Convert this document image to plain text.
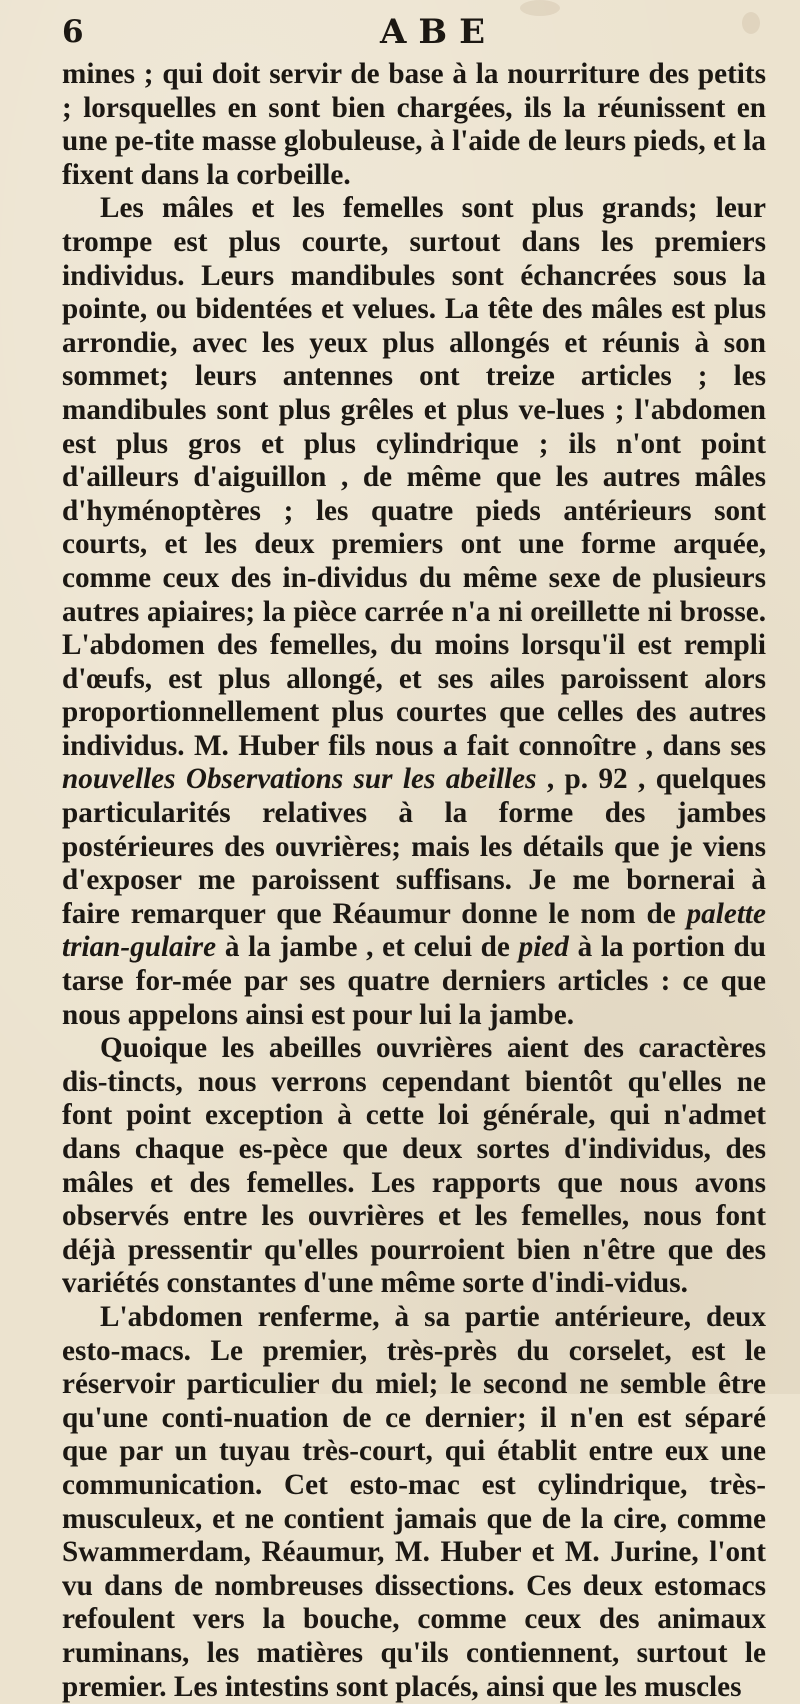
6	ABE

mines ; qui doit servir de base à la nourriture des petits ; lorsquelles en sont bien chargées, ils la réunissent en une pe-tite masse globuleuse, à l'aide de leurs pieds, et la fixent dans la corbeille.

Les mâles et les femelles sont plus grands; leur trompe est plus courte, surtout dans les premiers individus. Leurs mandibules sont échancrées sous la pointe, ou bidentées et velues. La tête des mâles est plus arrondie, avec les yeux plus allongés et réunis à son sommet; leurs antennes ont treize articles ; les mandibules sont plus grêles et plus ve-lues ; l'abdomen est plus gros et plus cylindrique ; ils n'ont point d'ailleurs d'aiguillon , de même que les autres mâles d'hyménoptères ; les quatre pieds antérieurs sont courts, et les deux premiers ont une forme arquée, comme ceux des in-dividus du même sexe de plusieurs autres apiaires; la pièce carrée n'a ni oreillette ni brosse. L'abdomen des femelles, du moins lorsqu'il est rempli d'œufs, est plus allongé, et ses ailes paroissent alors proportionnellement plus courtes que celles des autres individus. M. Huber fils nous a fait connoître , dans ses nouvelles Observations sur les abeilles , p. 92 , quelques particularités relatives à la forme des jambes postérieures des ouvrières; mais les détails que je viens d'exposer me paroissent suffisans. Je me bornerai à faire remarquer que Réaumur donne le nom de palette trian-gulaire à la jambe , et celui de pied à la portion du tarse for-mée par ses quatre derniers articles : ce que nous appelons ainsi est pour lui la jambe.

Quoique les abeilles ouvrières aient des caractères dis-tincts, nous verrons cependant bientôt qu'elles ne font point exception à cette loi générale, qui n'admet dans chaque es-pèce que deux sortes d'individus, des mâles et des femelles. Les rapports que nous avons observés entre les ouvrières et les femelles, nous font déjà pressentir qu'elles pourroient bien n'être que des variétés constantes d'une même sorte d'indi-vidus.

L'abdomen renferme, à sa partie antérieure, deux esto-macs. Le premier, très-près du corselet, est le réservoir particulier du miel; le second ne semble être qu'une conti-nuation de ce dernier; il n'en est séparé que par un tuyau très-court, qui établit entre eux une communication. Cet esto-mac est cylindrique, très-musculeux, et ne contient jamais que de la cire, comme Swammerdam, Réaumur, M. Huber et M. Jurine, l'ont vu dans de nombreuses dissections. Ces deux estomacs refoulent vers la bouche, comme ceux des animaux ruminans, les matières qu'ils contiennent, surtout le premier. Les intestins sont placés, ainsi que les muscles
